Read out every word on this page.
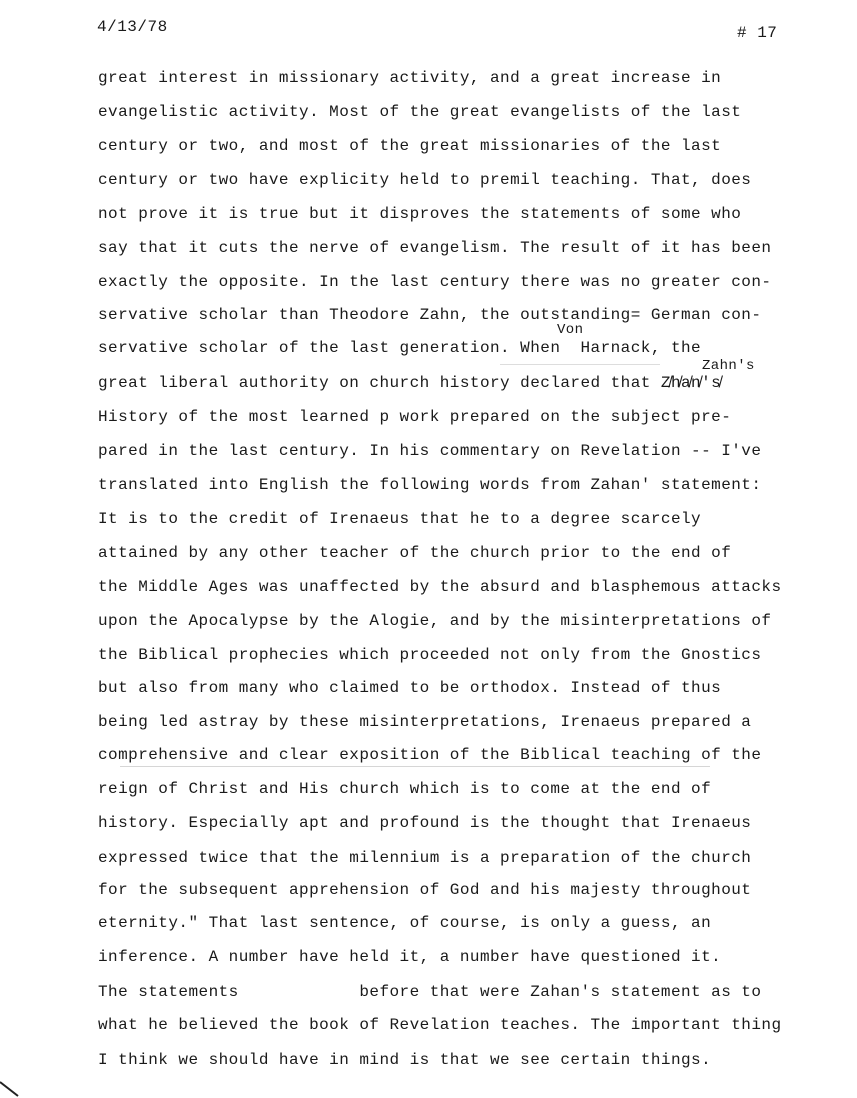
4/13/78	# 17
Von
Zahn's
great interest in missionary activity, and a great increase in
evangelistic activity. Most of the great evangelists of the last
century or two, and most of the great missionaries of the last
century or two have explicity held to premil teaching. That, does
not prove it is true but it disproves the statements of some who
say that it cuts the nerve of evangelism. The result of it has been
exactly the opposite. In the last century there was no greater con-
servative scholar than Theodore Zahn, the outstanding= German con-
servative scholar of the last generation. When  Harnack, the
great liberal authority on church history declared that Z̸h̸a̸n̸'s̸
History of the most learned p work prepared on the subject pre-
pared in the last century. In his commentary on Revelation -- I've
translated into English the following words from Zahan' statement:
It is to the credit of Irenaeus that he to a degree scarcely
attained by any other teacher of the church prior to the end of
the Middle Ages was unaffected by the absurd and blasphemous attacks
upon the Apocalypse by the Alogie, and by the misinterpretations of
the Biblical prophecies which proceeded not only from the Gnostics
but also from many who claimed to be orthodox. Instead of thus
being led astray by these misinterpretations, Irenaeus prepared a
comprehensive and clear exposition of the Biblical teaching of the
reign of Christ and His church which is to come at the end of
history. Especially apt and profound is the thought that Irenaeus
expressed twice that the milennium is a preparation of the church
for the subsequent apprehension of God and his majesty throughout
eternity." That last sentence, of course, is only a guess, an
inference. A number have held it, a number have questioned it.
The statements            before that were Zahan's statement as to
what he believed the book of Revelation teaches. The important thing
I think we should have in mind is that we see certain things.
